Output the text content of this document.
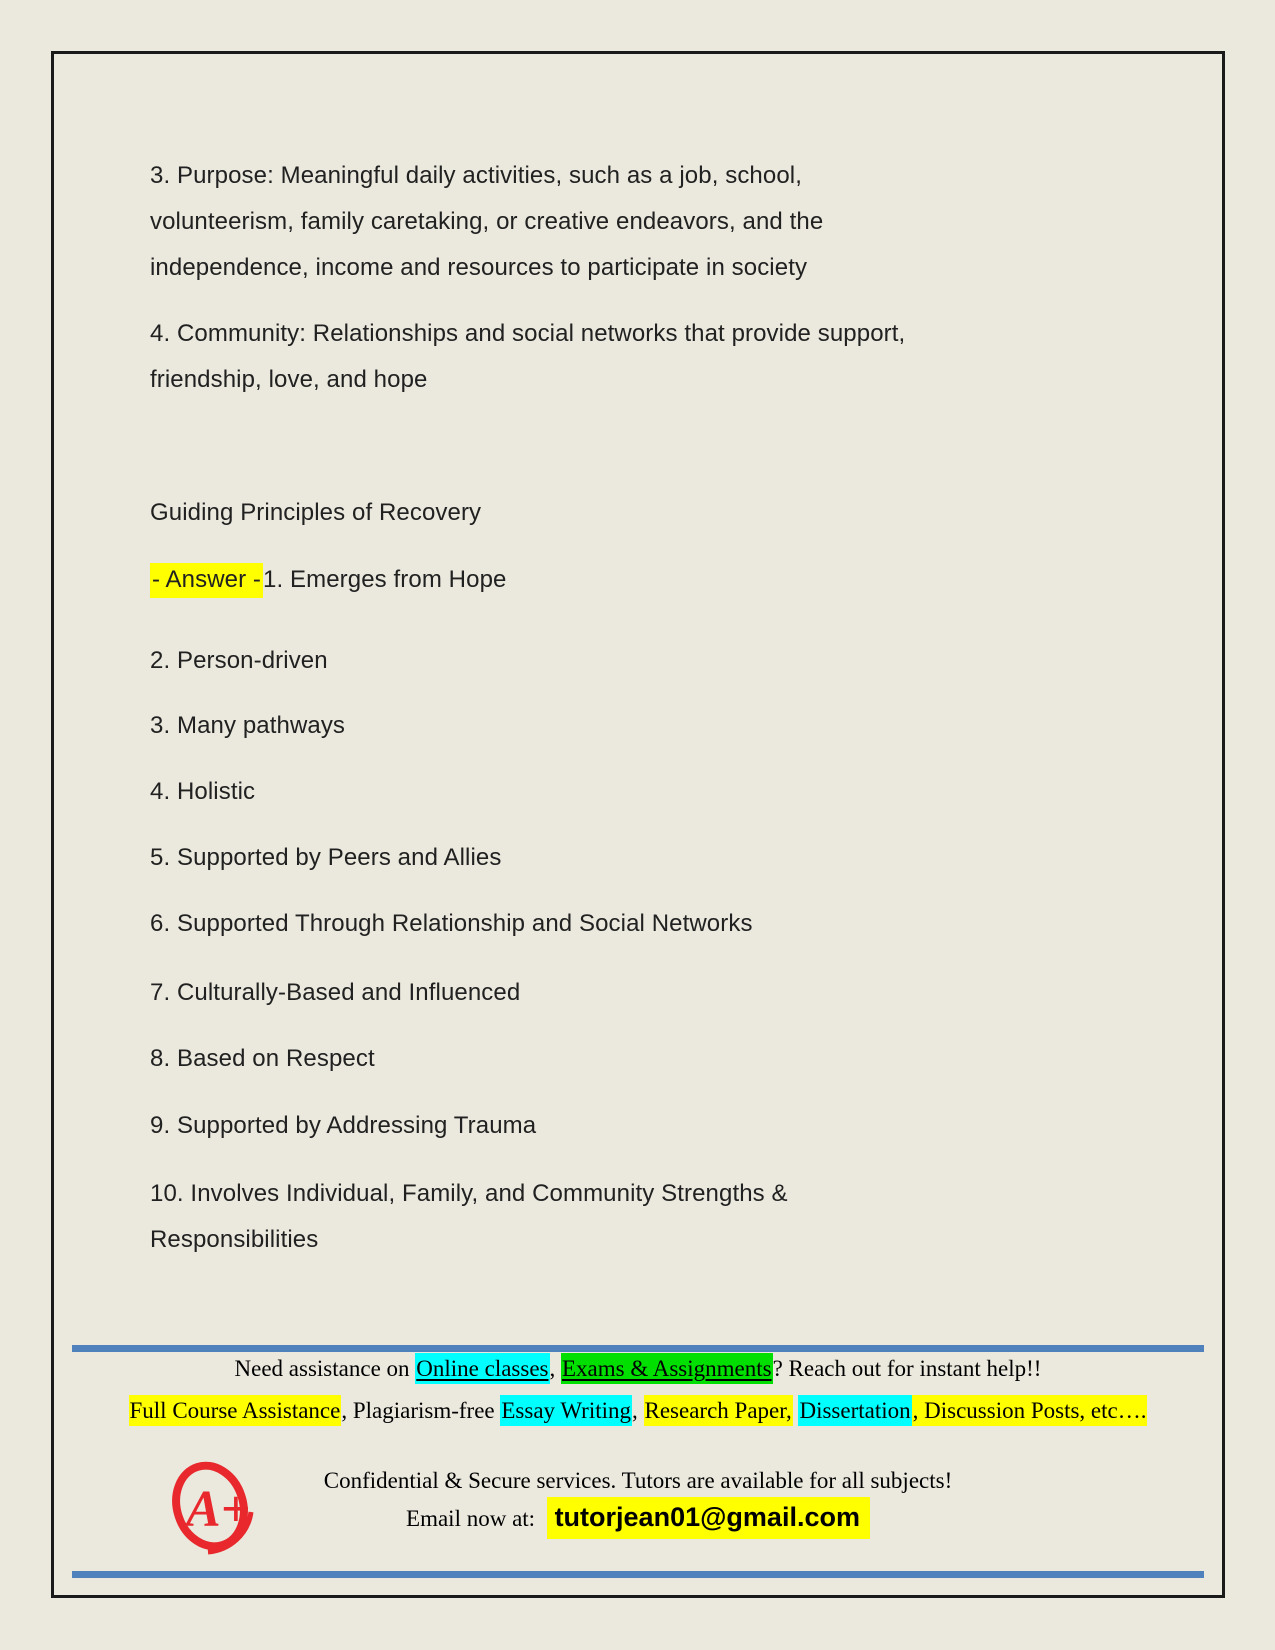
3. Purpose: Meaningful daily activities, such as a job, school,
volunteerism, family caretaking, or creative endeavors, and the
independence, income and resources to participate in society
4. Community: Relationships and social networks that provide support,
friendship, love, and hope
Guiding Principles of Recovery
- Answer -1. Emerges from Hope
2. Person-driven
3. Many pathways
4. Holistic
5. Supported by Peers and Allies
6. Supported Through Relationship and Social Networks
7. Culturally-Based and Influenced
8. Based on Respect
9. Supported by Addressing Trauma
10. Involves Individual, Family, and Community Strengths &
Responsibilities
Need assistance on Online classes, Exams & Assignments? Reach out for instant help!!
Full Course Assistance, Plagiarism-free Essay Writing, Research Paper, Dissertation, Discussion Posts, etc….
Confidential & Secure services. Tutors are available for all subjects!
Email now at: tutorjean01@gmail.com
A+
